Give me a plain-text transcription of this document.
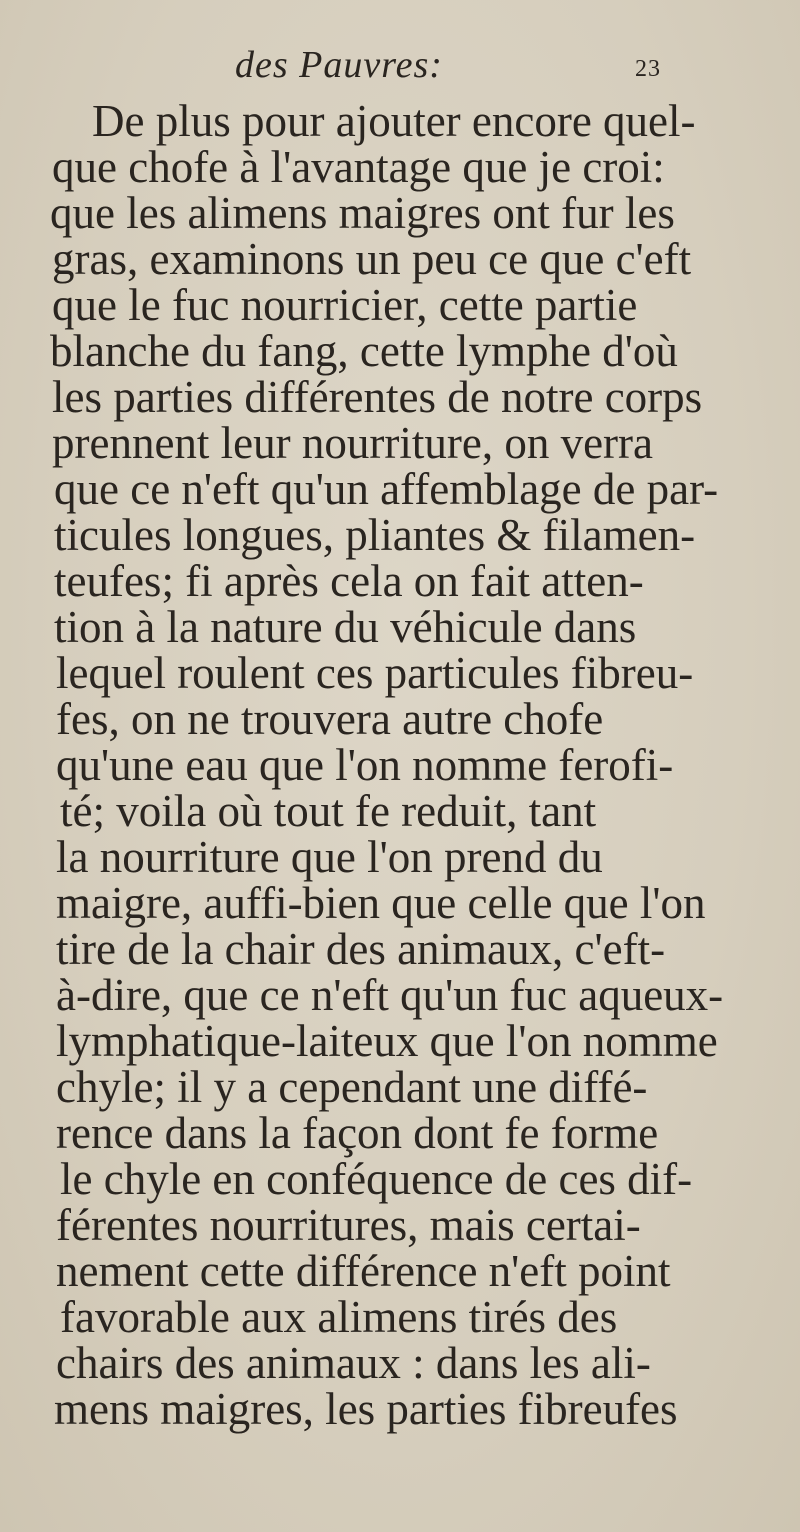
des Pauvres:	23
De plus pour ajouter encore quel-
que chofe à l'avantage que je croi:
que les alimens maigres ont fur les
gras, examinons un peu ce que c'eft
que le fuc nourricier, cette partie
blanche du fang, cette lymphe d'où
les parties différentes de notre corps
prennent leur nourriture, on verra
que ce n'eft qu'un affemblage de par-
ticules longues, pliantes & filamen-
teufes; fi après cela on fait atten-
tion à la nature du véhicule dans
lequel roulent ces particules fibreu-
fes, on ne trouvera autre chofe
qu'une eau que l'on nomme ferofi-
té; voila où tout fe reduit, tant
la nourriture que l'on prend du
maigre, auffi-bien que celle que l'on
tire de la chair des animaux, c'eft-
à-dire, que ce n'eft qu'un fuc aqueux-
lymphatique-laiteux que l'on nomme
chyle; il y a cependant une diffé-
rence dans la façon dont fe forme
le chyle en conféquence de ces dif-
férentes nourritures, mais certai-
nement cette différence n'eft point
favorable aux alimens tirés des
chairs des animaux : dans les ali-
mens maigres, les parties fibreufes
